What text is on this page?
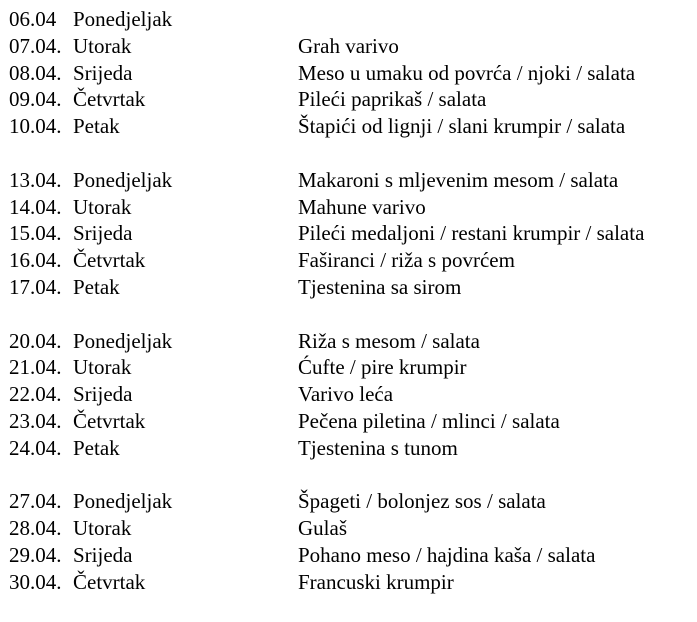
06.04 Ponedjeljak
07.04. Utorak	Grah varivo
08.04. Srijeda	Meso u umaku od povrća / njoki / salata
09.04. Četvrtak	Pileći paprikaš / salata
10.04. Petak	Štapići od lignji / slani krumpir / salata
13.04. Ponedjeljak	Makaroni s mljevenim mesom / salata
14.04. Utorak	Mahune varivo
15.04. Srijeda	Pileći medaljoni / restani krumpir / salata
16.04. Četvrtak	Faširanci / riža s povrćem
17.04. Petak	Tjestenina sa sirom
20.04. Ponedjeljak	Riža s mesom / salata
21.04. Utorak	Ćufte / pire krumpir
22.04. Srijeda	Varivo leća
23.04. Četvrtak	Pečena piletina / mlinci / salata
24.04. Petak	Tjestenina s tunom
27.04. Ponedjeljak	Špageti / bolonjez sos / salata
28.04. Utorak	Gulaš
29.04. Srijeda	Pohano meso / hajdina kaša / salata
30.04. Četvrtak	Francuski krumpir
